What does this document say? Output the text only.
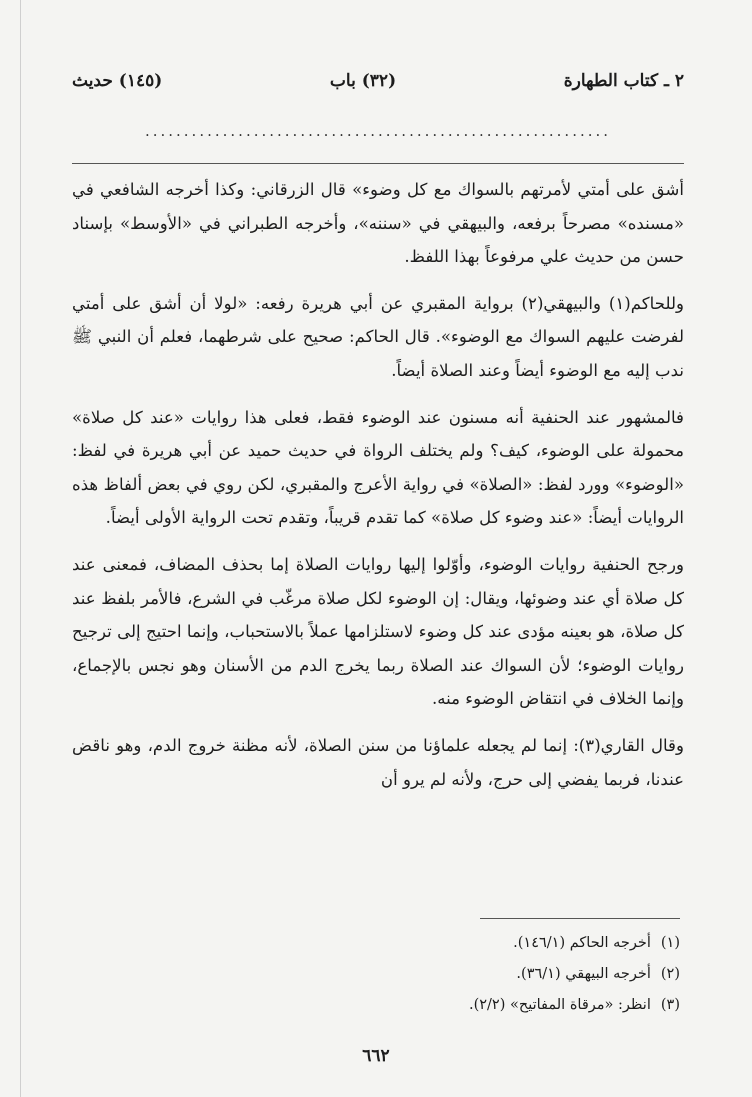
٢ ـ كتاب الطهارة
(٣٢) باب
(١٤٥) حديث
............................................................

أشق على أمتي لأمرتهم بالسواك مع كل وضوء» قال الزرقاني: وكذا أخرجه الشافعي في «مسنده» مصرحاً برفعه، والبيهقي في «سننه»، وأخرجه الطبراني في «الأوسط» بإسناد حسن من حديث علي مرفوعاً بهذا اللفظ.

وللحاكم(١) والبيهقي(٢) برواية المقبري عن أبي هريرة رفعه: «لولا أن أشق على أمتي لفرضت عليهم السواك مع الوضوء». قال الحاكم: صحيح على شرطهما، فعلم أن النبي ﷺ ندب إليه مع الوضوء أيضاً وعند الصلاة أيضاً.

فالمشهور عند الحنفية أنه مسنون عند الوضوء فقط، فعلى هذا روايات «عند كل صلاة» محمولة على الوضوء، كيف؟ ولم يختلف الرواة في حديث حميد عن أبي هريرة في لفظ: «الوضوء» وورد لفظ: «الصلاة» في رواية الأعرج والمقبري، لكن روي في بعض ألفاظ هذه الروايات أيضاً: «عند وضوء كل صلاة» كما تقدم قريباً، وتقدم تحت الرواية الأولى أيضاً.

ورجح الحنفية روايات الوضوء، وأوّلوا إليها روايات الصلاة إما بحذف المضاف، فمعنى عند كل صلاة أي عند وضوئها، ويقال: إن الوضوء لكل صلاة مرغّب في الشرع، فالأمر بلفظ عند كل صلاة، هو بعينه مؤدى عند كل وضوء لاستلزامها عملاً بالاستحباب، وإنما احتيج إلى ترجيح روايات الوضوء؛ لأن السواك عند الصلاة ربما يخرج الدم من الأسنان وهو نجس بالإجماع، وإنما الخلاف في انتقاض الوضوء منه.

وقال القاري(٣): إنما لم يجعله علماؤنا من سنن الصلاة، لأنه مظنة خروج الدم، وهو ناقض عندنا، فربما يفضي إلى حرج، ولأنه لم يرو أن

(١)
أخرجه الحاكم (١٤٦/١).
(٢)
أخرجه البيهقي (٣٦/١).
(٣)
انظر: «مرقاة المفاتيح» (٢/٢).
٦٦٢
